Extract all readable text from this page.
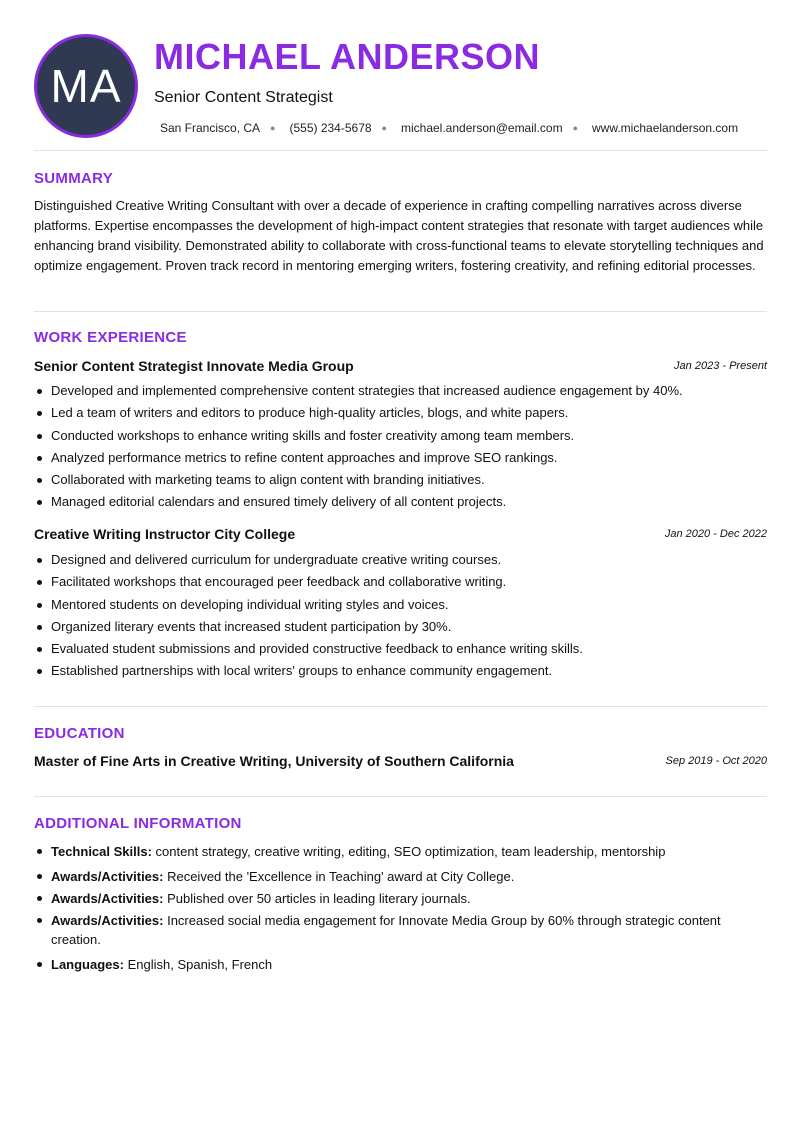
MA
MICHAEL ANDERSON
Senior Content Strategist
San Francisco, CA ● (555) 234-5678 ● michael.anderson@email.com ● www.michaelanderson.com
SUMMARY
Distinguished Creative Writing Consultant with over a decade of experience in crafting compelling narratives across diverse platforms. Expertise encompasses the development of high-impact content strategies that resonate with target audiences while enhancing brand visibility. Demonstrated ability to collaborate with cross-functional teams to elevate storytelling techniques and optimize engagement. Proven track record in mentoring emerging writers, fostering creativity, and refining editorial processes.
WORK EXPERIENCE
Senior Content Strategist Innovate Media Group	Jan 2023 - Present
Developed and implemented comprehensive content strategies that increased audience engagement by 40%.
Led a team of writers and editors to produce high-quality articles, blogs, and white papers.
Conducted workshops to enhance writing skills and foster creativity among team members.
Analyzed performance metrics to refine content approaches and improve SEO rankings.
Collaborated with marketing teams to align content with branding initiatives.
Managed editorial calendars and ensured timely delivery of all content projects.
Creative Writing Instructor City College	Jan 2020 - Dec 2022
Designed and delivered curriculum for undergraduate creative writing courses.
Facilitated workshops that encouraged peer feedback and collaborative writing.
Mentored students on developing individual writing styles and voices.
Organized literary events that increased student participation by 30%.
Evaluated student submissions and provided constructive feedback to enhance writing skills.
Established partnerships with local writers' groups to enhance community engagement.
EDUCATION
Master of Fine Arts in Creative Writing, University of Southern California	Sep 2019 - Oct 2020
ADDITIONAL INFORMATION
Technical Skills: content strategy, creative writing, editing, SEO optimization, team leadership, mentorship
Awards/Activities: Received the 'Excellence in Teaching' award at City College.
Awards/Activities: Published over 50 articles in leading literary journals.
Awards/Activities: Increased social media engagement for Innovate Media Group by 60% through strategic content creation.
Languages: English, Spanish, French
